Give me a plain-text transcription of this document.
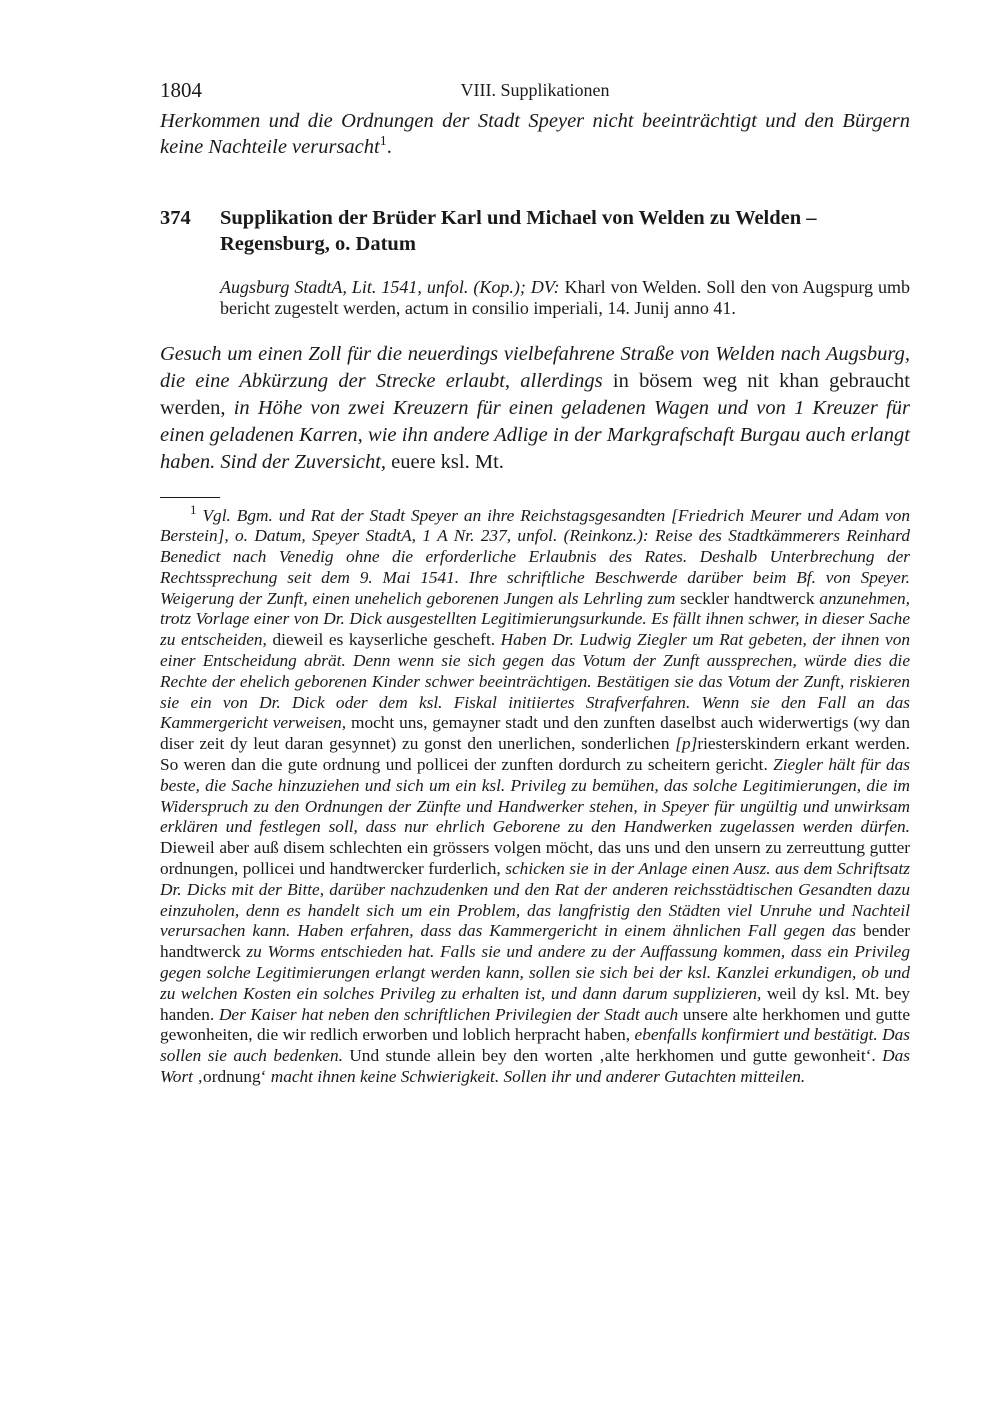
1804	VIII. Supplikationen

Herkommen und die Ordnungen der Stadt Speyer nicht beeinträchtigt und den Bürgern keine Nachteile verursacht$^1$.

374	Supplikation der Brüder Karl und Michael von Welden zu Welden – Regensburg, o. Datum
Augsburg StadtA, Lit. 1541, unfol. (Kop.); DV: Kharl von Welden. Soll den von Augspurg umb bericht zugestelt werden, actum in consilio imperiali, 14. Junij anno 41.

Gesuch um einen Zoll für die neuerdings vielbefahrene Straße von Welden nach Augsburg, die eine Abkürzung der Strecke erlaubt, allerdings in bösem weg nit khan gebraucht werden, in Höhe von zwei Kreuzern für einen geladenen Wagen und von 1 Kreuzer für einen geladenen Karren, wie ihn andere Adlige in der Markgrafschaft Burgau auch erlangt haben. Sind der Zuversicht, euere ksl. Mt.

$^1$ Vgl. Bgm. und Rat der Stadt Speyer an ihre Reichstagsgesandten [Friedrich Meurer und Adam von Berstein], o. Datum, Speyer StadtA, 1 A Nr. 237, unfol. (Reinkonz.): Reise des Stadtkämmerers Reinhard Benedict nach Venedig ohne die erforderliche Erlaubnis des Rates. Deshalb Unterbrechung der Rechtssprechung seit dem 9. Mai 1541. Ihre schriftliche Beschwerde darüber beim Bf. von Speyer. Weigerung der Zunft, einen unehelich geborenen Jungen als Lehrling zum seckler handtwerck anzunehmen, trotz Vorlage einer von Dr. Dick ausgestellten Legitimierungsurkunde. Es fällt ihnen schwer, in dieser Sache zu entscheiden, dieweil es kayserliche gescheft. Haben Dr. Ludwig Ziegler um Rat gebeten, der ihnen von einer Entscheidung abrät. Denn wenn sie sich gegen das Votum der Zunft aussprechen, würde dies die Rechte der ehelich geborenen Kinder schwer beeinträchtigen. Bestätigen sie das Votum der Zunft, riskieren sie ein von Dr. Dick oder dem ksl. Fiskal initiiertes Strafverfahren. Wenn sie den Fall an das Kammergericht verweisen, mocht uns, gemayner stadt und den zunften daselbst auch widerwertigs (wy dan diser zeit dy leut daran gesynnet) zu gonst den unerlichen, sonderlichen [p]riesterskindern erkant werden. So weren dan die gute ordnung und pollicei der zunften dordurch zu scheitern gericht. Ziegler hält für das beste, die Sache hinzuziehen und sich um ein ksl. Privileg zu bemühen, das solche Legitimierungen, die im Widerspruch zu den Ordnungen der Zünfte und Handwerker stehen, in Speyer für ungültig und unwirksam erklären und festlegen soll, dass nur ehrlich Geborene zu den Handwerken zugelassen werden dürfen. Dieweil aber auß disem schlechten ein grössers volgen möcht, das uns und den unsern zu zerreuttung gutter ordnungen, pollicei und handtwercker furderlich, schicken sie in der Anlage einen Ausz. aus dem Schriftsatz Dr. Dicks mit der Bitte, darüber nachzudenken und den Rat der anderen reichsstädtischen Gesandten dazu einzuholen, denn es handelt sich um ein Problem, das langfristig den Städten viel Unruhe und Nachteil verursachen kann. Haben erfahren, dass das Kammergericht in einem ähnlichen Fall gegen das bender handtwerck zu Worms entschieden hat. Falls sie und andere zu der Auffassung kommen, dass ein Privileg gegen solche Legitimierungen erlangt werden kann, sollen sie sich bei der ksl. Kanzlei erkundigen, ob und zu welchen Kosten ein solches Privileg zu erhalten ist, und dann darum supplizieren, weil dy ksl. Mt. bey handen. Der Kaiser hat neben den schriftlichen Privilegien der Stadt auch unsere alte herkhomen und gutte gewonheiten, die wir redlich erworben und loblich herpracht haben, ebenfalls konfirmiert und bestätigt. Das sollen sie auch bedenken. Und stunde allein bey den worten ‚alte herkhomen und gutte gewonheit‘. Das Wort ‚ordnung‘ macht ihnen keine Schwierigkeit. Sollen ihr und anderer Gutachten mitteilen.
